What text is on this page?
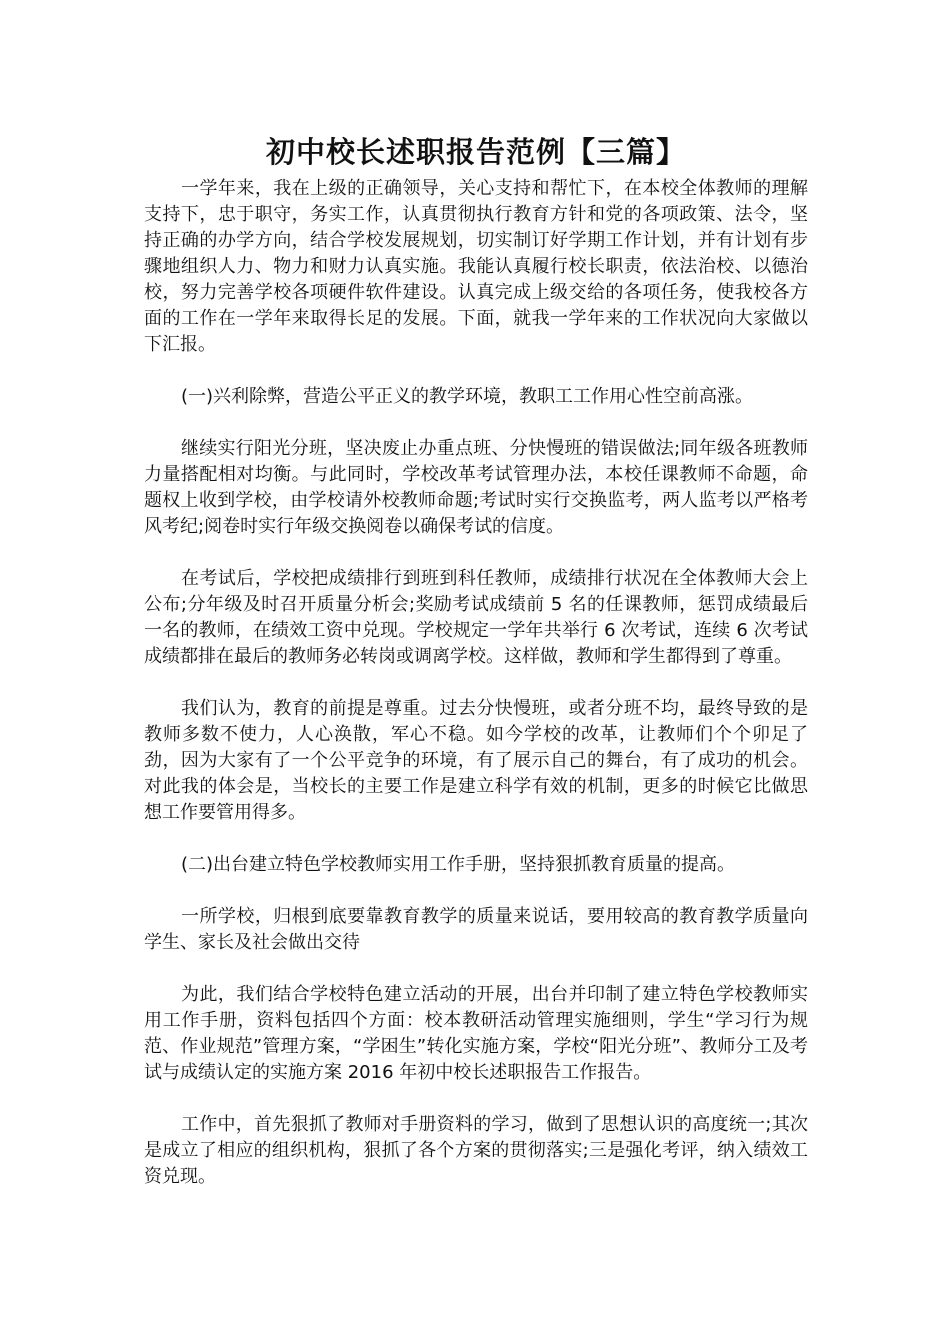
初中校长述职报告范例【三篇】

一学年来，我在上级的正确领导，关心支持和帮忙下，在本校全体教师的理解支持下，忠于职守，务实工作，认真贯彻执行教育方针和党的各项政策、法令，坚持正确的办学方向，结合学校发展规划，切实制订好学期工作计划，并有计划有步骤地组织人力、物力和财力认真实施。我能认真履行校长职责，依法治校、以德治校，努力完善学校各项硬件软件建设。认真完成上级交给的各项任务，使我校各方面的工作在一学年来取得长足的发展。下面，就我一学年来的工作状况向大家做以下汇报。

(一)兴利除弊，营造公平正义的教学环境，教职工工作用心性空前高涨。

继续实行阳光分班，坚决废止办重点班、分快慢班的错误做法;同年级各班教师力量搭配相对均衡。与此同时，学校改革考试管理办法，本校任课教师不命题，命题权上收到学校，由学校请外校教师命题;考试时实行交换监考，两人监考以严格考风考纪;阅卷时实行年级交换阅卷以确保考试的信度。

在考试后，学校把成绩排行到班到科任教师，成绩排行状况在全体教师大会上公布;分年级及时召开质量分析会;奖励考试成绩前 5 名的任课教师，惩罚成绩最后一名的教师，在绩效工资中兑现。学校规定一学年共举行 6 次考试，连续 6 次考试成绩都排在最后的教师务必转岗或调离学校。这样做，教师和学生都得到了尊重。

我们认为，教育的前提是尊重。过去分快慢班，或者分班不均，最终导致的是教师多数不使力，人心涣散，军心不稳。如今学校的改革，让教师们个个卯足了劲，因为大家有了一个公平竞争的环境，有了展示自己的舞台，有了成功的机会。对此我的体会是，当校长的主要工作是建立科学有效的机制，更多的时候它比做思想工作要管用得多。

(二)出台建立特色学校教师实用工作手册，坚持狠抓教育质量的提高。

一所学校，归根到底要靠教育教学的质量来说话，要用较高的教育教学质量向学生、家长及社会做出交待

为此，我们结合学校特色建立活动的开展，出台并印制了建立特色学校教师实用工作手册，资料包括四个方面：校本教研活动管理实施细则，学生“学习行为规范、作业规范”管理方案，“学困生”转化实施方案，学校“阳光分班”、教师分工及考试与成绩认定的实施方案 2016 年初中校长述职报告工作报告。

工作中，首先狠抓了教师对手册资料的学习，做到了思想认识的高度统一;其次是成立了相应的组织机构，狠抓了各个方案的贯彻落实;三是强化考评，纳入绩效工资兑现。
